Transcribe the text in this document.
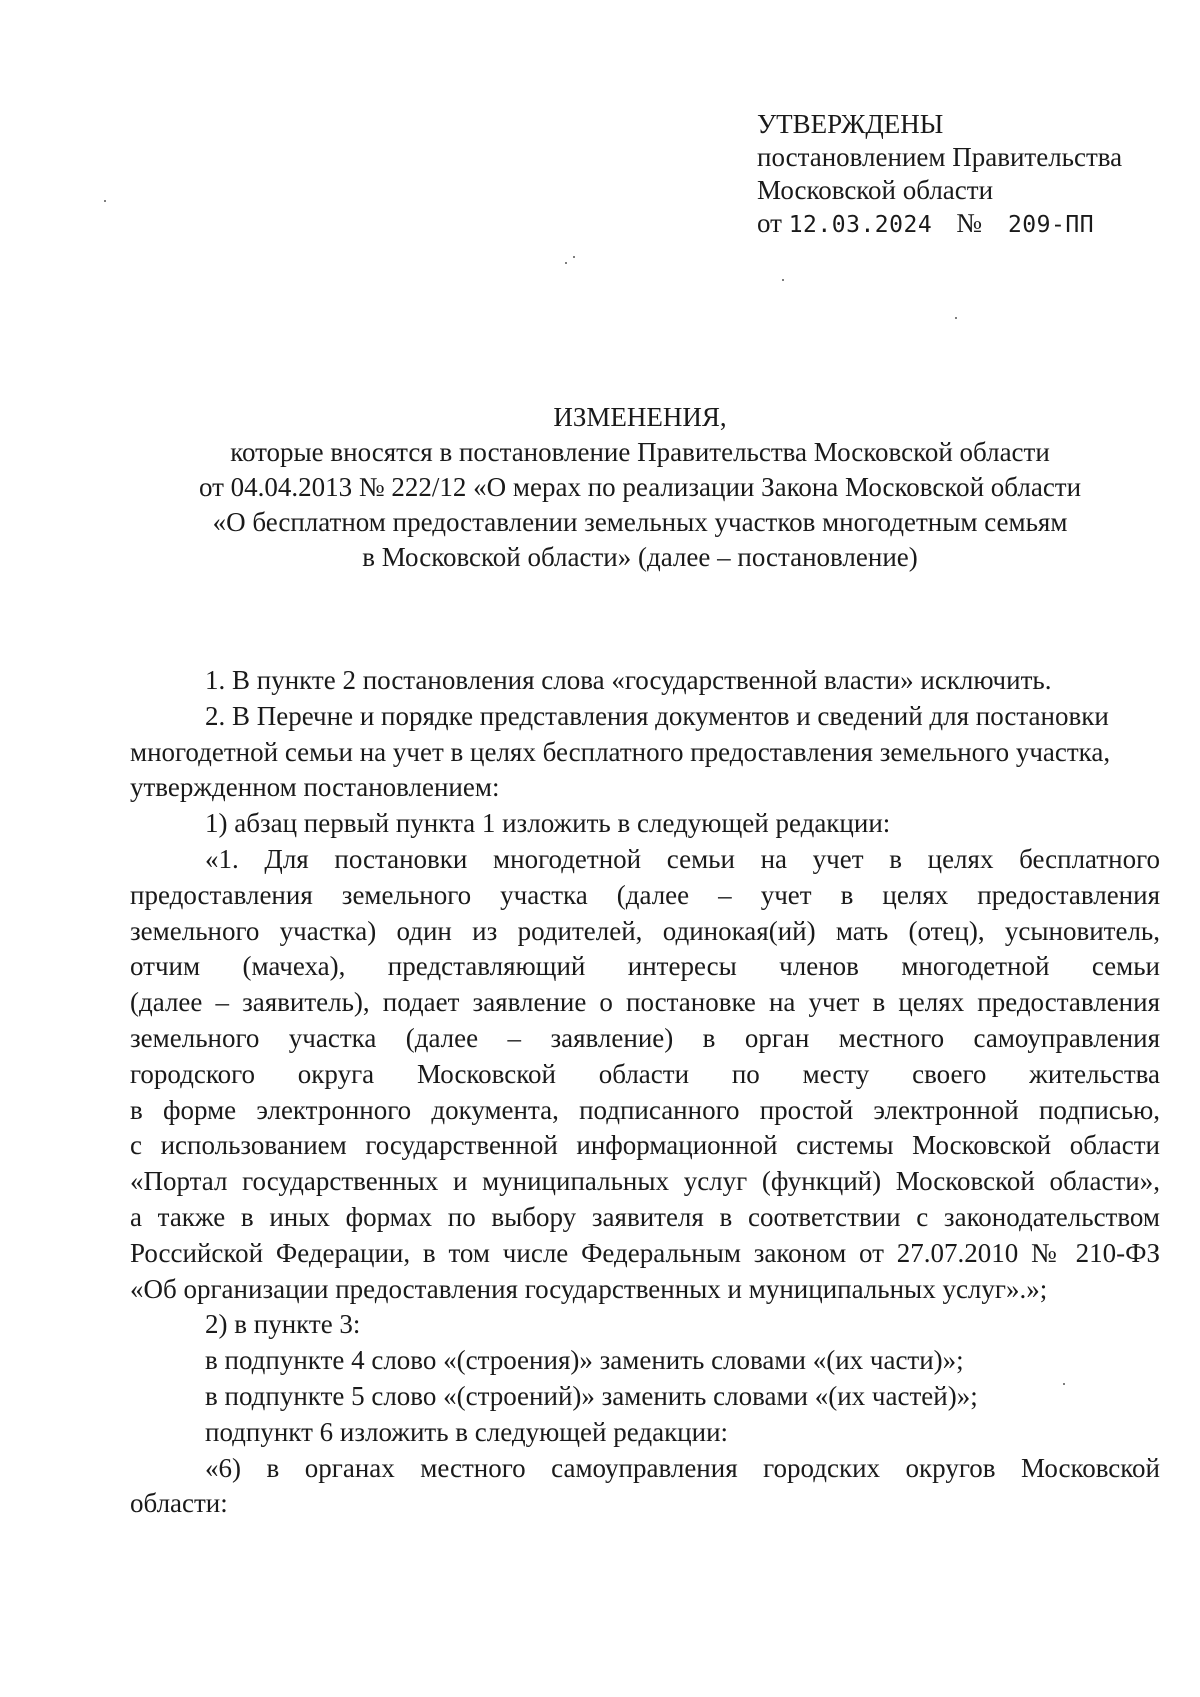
УТВЕРЖДЕНЫ
постановлением Правительства
Московской области
от 12.03.2024 № 209-ПП
ИЗМЕНЕНИЯ,
которые вносятся в постановление Правительства Московской области
от 04.04.2013 № 222/12 «О мерах по реализации Закона Московской области
«О бесплатном предоставлении земельных участков многодетным семьям
в Московской области» (далее – постановление)
1. В пункте 2 постановления слова «государственной власти» исключить.
2. В Перечне и порядке представления документов и сведений для постановки
многодетной семьи на учет в целях бесплатного предоставления земельного участка,
утвержденном постановлением:
1) абзац первый пункта 1 изложить в следующей редакции:
«1. Для постановки многодетной семьи на учет в целях бесплатного
предоставления земельного участка (далее – учет в целях предоставления
земельного участка) один из родителей, одинокая(ий) мать (отец), усыновитель,
отчим (мачеха), представляющий интересы членов многодетной семьи
(далее – заявитель), подает заявление о постановке на учет в целях предоставления
земельного участка (далее – заявление) в орган местного самоуправления
городского округа Московской области по месту своего жительства
в форме электронного документа, подписанного простой электронной подписью,
с использованием государственной информационной системы Московской области
«Портал государственных и муниципальных услуг (функций) Московской области»,
а также в иных формах по выбору заявителя в соответствии с законодательством
Российской Федерации, в том числе Федеральным законом от 27.07.2010 № 210-ФЗ
«Об организации предоставления государственных и муниципальных услуг».»;
2) в пункте 3:
в подпункте 4 слово «(строения)» заменить словами «(их части)»;
в подпункте 5 слово «(строений)» заменить словами «(их частей)»;
подпункт 6 изложить в следующей редакции:
«6) в органах местного самоуправления городских округов Московской
области:
